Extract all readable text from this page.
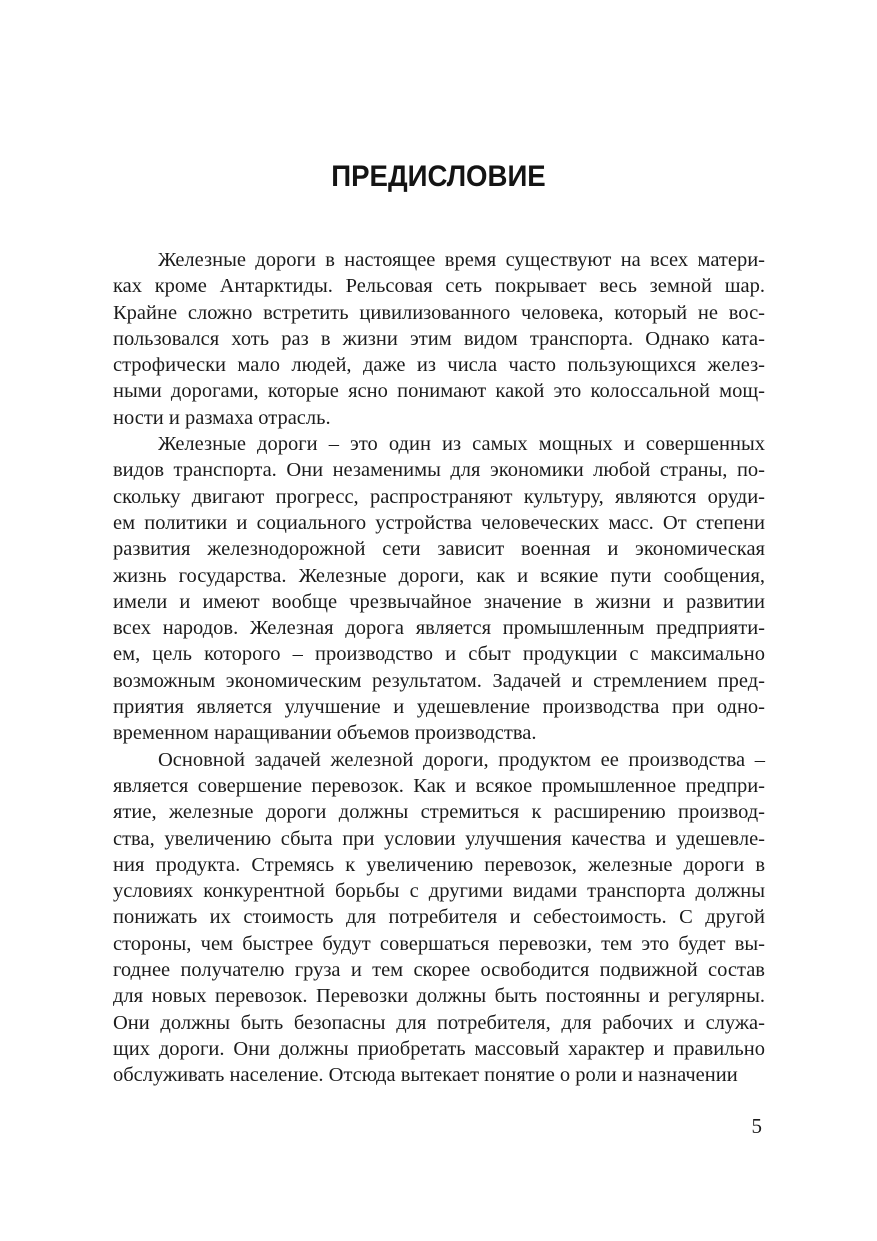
ПРЕДИСЛОВИЕ
Железные дороги в настоящее время существуют на всех матери-
ках кроме Антарктиды. Рельсовая сеть покрывает весь земной шар.
Крайне сложно встретить цивилизованного человека, который не вос-
пользовался хоть раз в жизни этим видом транспорта. Однако ката-
строфически мало людей, даже из числа часто пользующихся желез-
ными дорогами, которые ясно понимают какой это колоссальной мощ-
ности и размаха отрасль.
Железные дороги – это один из самых мощных и совершенных
видов транспорта. Они незаменимы для экономики любой страны, по-
скольку двигают прогресс, распространяют культуру, являются оруди-
ем политики и социального устройства человеческих масс. От степени
развития железнодорожной сети зависит военная и экономическая
жизнь государства. Железные дороги, как и всякие пути сообщения,
имели и имеют вообще чрезвычайное значение в жизни и развитии
всех народов. Железная дорога является промышленным предприяти-
ем, цель которого – производство и сбыт продукции с максимально
возможным экономическим результатом. Задачей и стремлением пред-
приятия является улучшение и удешевление производства при одно-
временном наращивании объемов производства.
Основной задачей железной дороги, продуктом ее производства –
является совершение перевозок. Как и всякое промышленное предпри-
ятие, железные дороги должны стремиться к расширению производ-
ства, увеличению сбыта при условии улучшения качества и удешевле-
ния продукта. Стремясь к увеличению перевозок, железные дороги в
условиях конкурентной борьбы с другими видами транспорта должны
понижать их стоимость для потребителя и себестоимость. С другой
стороны, чем быстрее будут совершаться перевозки, тем это будет вы-
годнее получателю груза и тем скорее освободится подвижной состав
для новых перевозок. Перевозки должны быть постоянны и регулярны.
Они должны быть безопасны для потребителя, для рабочих и служа-
щих дороги. Они должны приобретать массовый характер и правильно
обслуживать население. Отсюда вытекает понятие о роли и назначении
5
